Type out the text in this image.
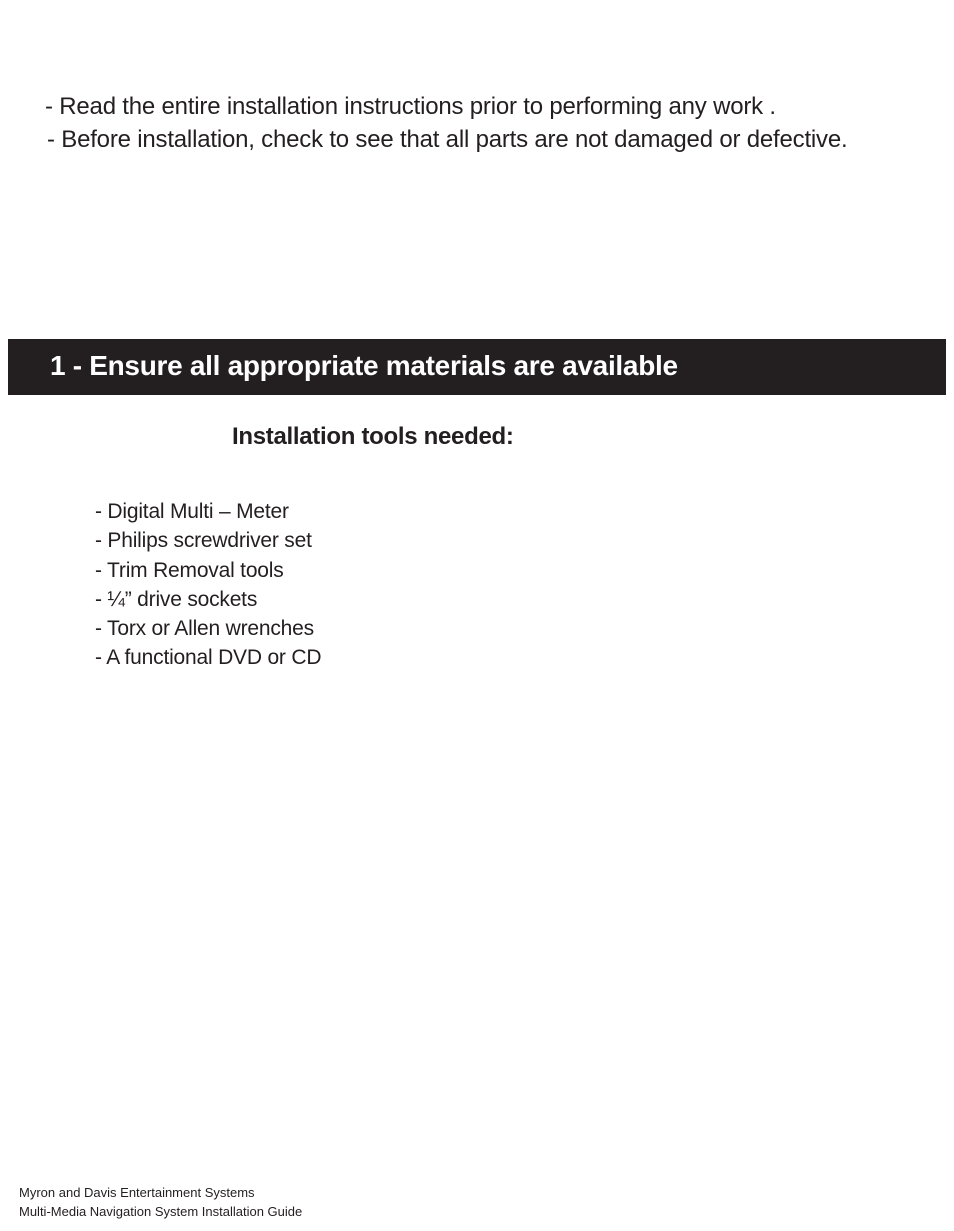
- Read the entire installation instructions prior to performing any work .

- Before installation, check to see that all parts are not damaged or defective.

1 - Ensure all appropriate materials are available
Installation tools needed:
- Digital Multi – Meter
- Philips screwdriver set
- Trim Removal tools
- ¼” drive sockets
- Torx or Allen wrenches
- A functional DVD or CD
Myron and Davis Entertainment Systems
Multi-Media Navigation System Installation Guide
